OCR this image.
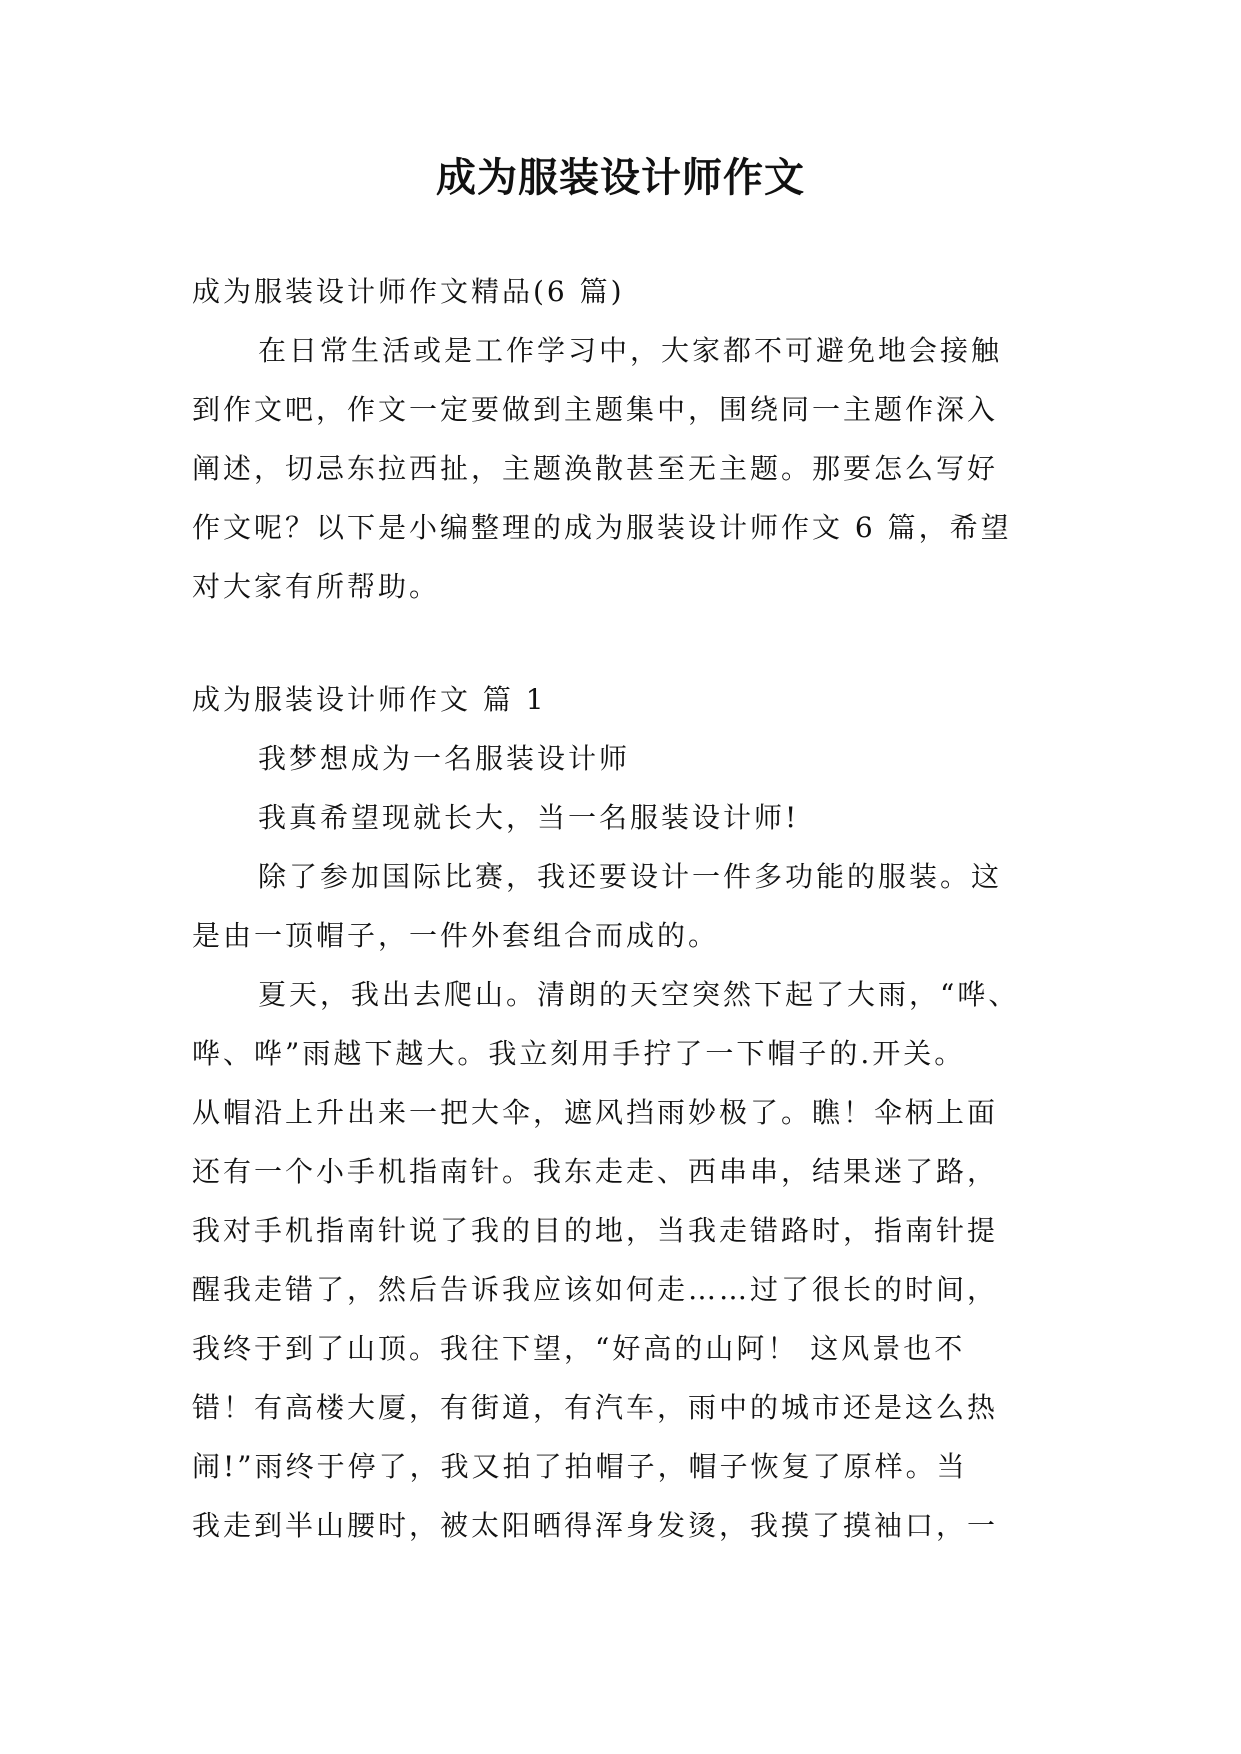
成为服装设计师作文

成为服装设计师作文精品(6 篇)

在日常生活或是工作学习中，大家都不可避免地会接触

到作文吧，作文一定要做到主题集中，围绕同一主题作深入

阐述，切忌东拉西扯，主题涣散甚至无主题。那要怎么写好

作文呢？以下是小编整理的成为服装设计师作文 6 篇，希望

对大家有所帮助。

成为服装设计师作文 篇 1

我梦想成为一名服装设计师

我真希望现就长大，当一名服装设计师!

除了参加国际比赛，我还要设计一件多功能的服装。这

是由一顶帽子，一件外套组合而成的。

夏天，我出去爬山。清朗的天空突然下起了大雨，“哗、

哗、哗”雨越下越大。我立刻用手拧了一下帽子的.开关。

从帽沿上升出来一把大伞，遮风挡雨妙极了。瞧！伞柄上面

还有一个小手机指南针。我东走走、西串串，结果迷了路，

我对手机指南针说了我的目的地，当我走错路时，指南针提

醒我走错了，然后告诉我应该如何走……过了很长的时间，

我终于到了山顶。我往下望，“好高的山阿！ 这风景也不

错！有高楼大厦，有街道，有汽车，雨中的城市还是这么热

闹!”雨终于停了，我又拍了拍帽子，帽子恢复了原样。当

我走到半山腰时，被太阳晒得浑身发烫，我摸了摸袖口，一
